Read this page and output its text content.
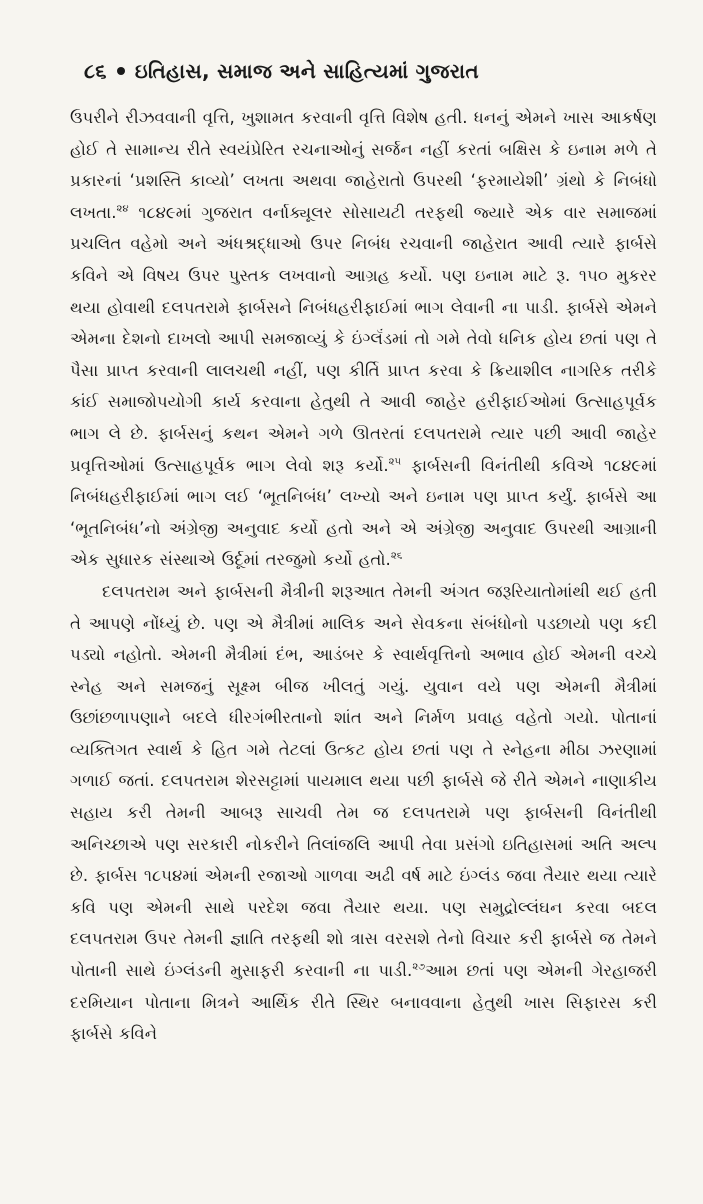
૮૬ ઇતિહાસ, સમાજ અને સાહિત્યમાં ગુજરાત

ઉપરીને રીઝવવાની વૃત્તિ, ખુશામત કરવાની વૃત્તિ વિશેષ હતી. ધનનું એમને ખાસ આકર્ષણ હોઈ તે સામાન્ય રીતે સ્વયંપ્રેરિત રચનાઓનું સર્જન નહીં કરતાં બક્ષિસ કે ઇનામ મળે તે પ્રકારનાં ‘પ્રશસ્તિ કાવ્યો’ લખતા અથવા જાહેરાતો ઉપરથી ‘ફરમાયેશી’ ગ્રંથો કે નિબંધો લખતા.$^{૨૪}$ ૧૮૪૯માં ગુજરાત વર્નાક્યૂલર સોસાયટી તરફથી જ્યારે એક વાર સમાજમાં પ્રચલિત વહેમો અને અંધશ્રદ્ધાઓ ઉપર નિબંધ રચવાની જાહેરાત આવી ત્યારે ફાર્બસે કવિને એ વિષય ઉપર પુસ્તક લખવાનો આગ્રહ કર્યો. પણ ઇનામ માટે રૂ. ૧૫૦ મુકરર થયા હોવાથી દલપતરામે ફાર્બસને નિબંધહરીફાઈમાં ભાગ લેવાની ના પાડી. ફાર્બસે એમને એમના દેશનો દાખલો આપી સમજાવ્યું કે ઇંગ્લૅંડમાં તો ગમે તેવો ધનિક હોય છતાં પણ તે પૈસા પ્રાપ્ત કરવાની લાલચથી નહીં, પણ કીર્તિ પ્રાપ્ત કરવા કે ક્રિયાશીલ નાગરિક તરીકે કાંઈ સમાજોપયોગી કાર્ય કરવાના હેતુથી તે આવી જાહેર હરીફાઈઓમાં ઉત્સાહપૂર્વક ભાગ લે છે. ફાર્બસનું કથન એમને ગળે ઊતરતાં દલપતરામે ત્યાર પછી આવી જાહેર પ્રવૃત્તિઓમાં ઉત્સાહપૂર્વક ભાગ લેવો શરૂ કર્યો.$^{૨૫}$ ફાર્બસની વિનંતીથી કવિએ ૧૮૪૯માં નિબંધહરીફાઈમાં ભાગ લઈ ‘ભૂતનિબંધ’ લખ્યો અને ઇનામ પણ પ્રાપ્ત કર્યું. ફાર્બસે આ ‘ભૂતનિબંધ’નો અંગ્રેજી અનુવાદ કર્યો હતો અને એ અંગ્રેજી અનુવાદ ઉપરથી આગ્રાની એક સુધારક સંસ્થાએ ઉર્દૂમાં તરજુમો કર્યો હતો.$^{૨૬}$

દલપતરામ અને ફાર્બસની મૈત્રીની શરૂઆત તેમની અંગત જરૂરિયાતોમાંથી થઈ હતી તે આપણે નોંધ્યું છે. પણ એ મૈત્રીમાં માલિક અને સેવકના સંબંધોનો પડછાયો પણ કદી પડ્યો નહોતો. એમની મૈત્રીમાં દંભ, આડંબર કે સ્વાર્થવૃત્તિનો અભાવ હોઈ એમની વચ્ચે સ્નેહ અને સમજનું સૂક્ષ્મ બીજ ખીલતું ગયું. યુવાન વયે પણ એમની મૈત્રીમાં ઉછાંછળાપણાને બદલે ધીરગંભીરતાનો શાંત અને નિર્મળ પ્રવાહ વહેતો ગયો. પોતાનાં વ્યક્તિગત સ્વાર્થ કે હિત ગમે તેટલાં ઉત્કટ હોય છતાં પણ તે સ્નેહના મીઠા ઝરણામાં ગળાઈ જતાં. દલપતરામ શેરસટ્ટામાં પાયમાલ થયા પછી ફાર્બસે જે રીતે એમને નાણાકીય સહાય કરી તેમની આબરૂ સાચવી તેમ જ દલપતરામે પણ ફાર્બસની વિનંતીથી અનિચ્છાએ પણ સરકારી નોકરીને તિલાંજલિ આપી તેવા પ્રસંગો ઇતિહાસમાં અતિ અલ્પ છે. ફાર્બસ ૧૮૫૪માં એમની રજાઓ ગાળવા અઢી વર્ષ માટે ઇંગ્લંડ જવા તૈયાર થયા ત્યારે કવિ પણ એમની સાથે પરદેશ જવા તૈયાર થયા. પણ સમુદ્રોલ્લંઘન કરવા બદલ દલપતરામ ઉપર તેમની જ્ઞાતિ તરફથી શો ત્રાસ વરસશે તેનો વિચાર કરી ફાર્બસે જ તેમને પોતાની સાથે ઇંગ્લંડની મુસાફરી કરવાની ના પાડી.$^{૨૭}$આમ છતાં પણ એમની ગેરહાજરી દરમિયાન પોતાના મિત્રને આર્થિક રીતે સ્થિર બનાવવાના હેતુથી ખાસ સિફારસ કરી ફાર્બસે કવિને
